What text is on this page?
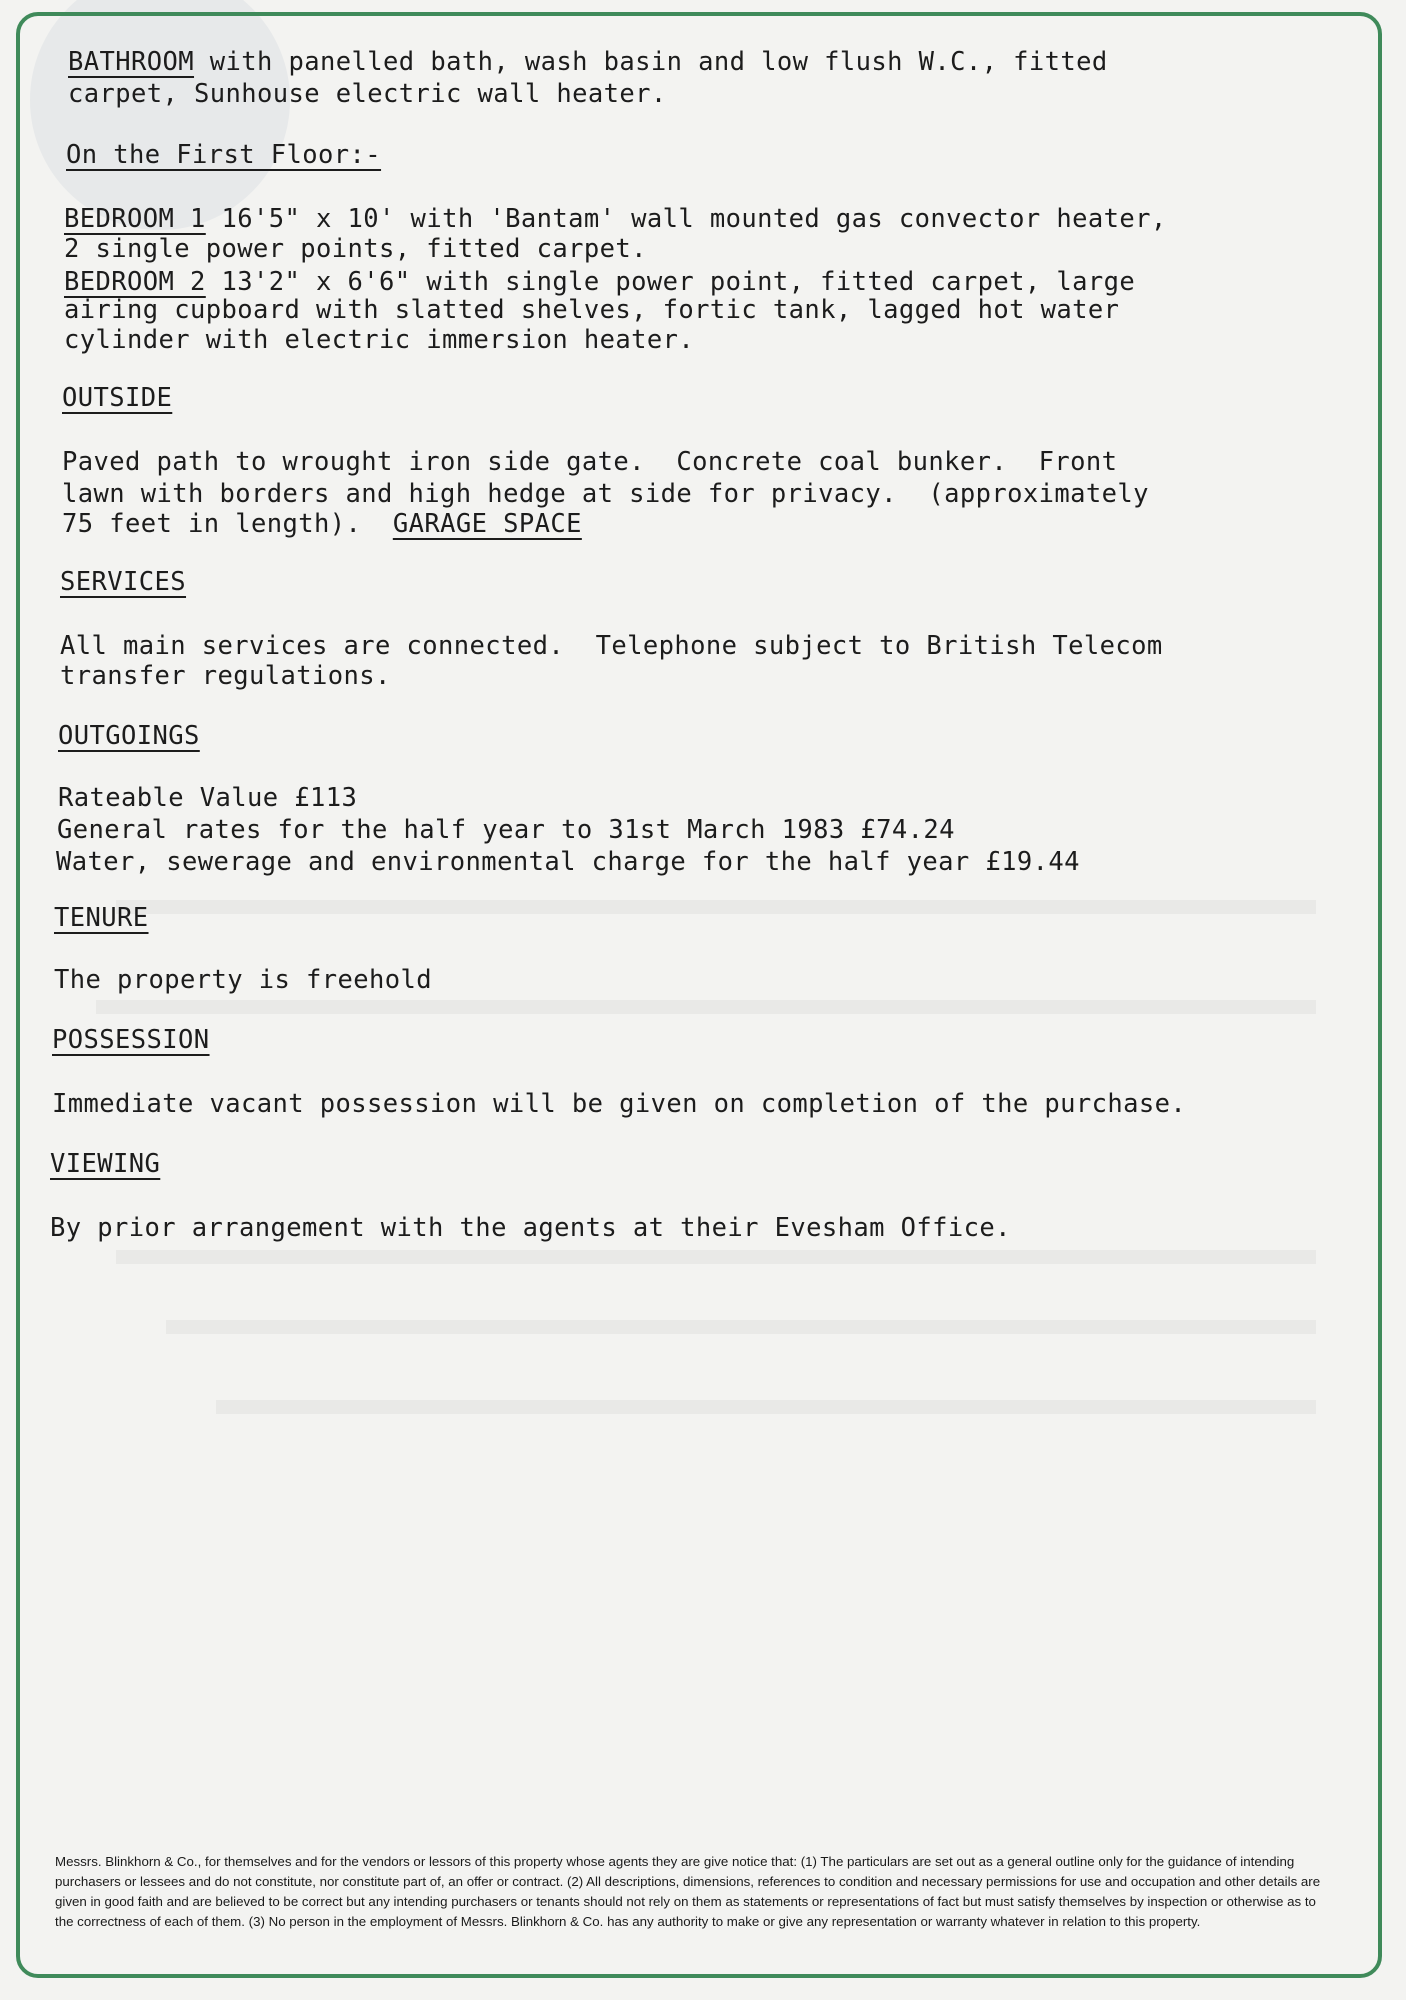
BATHROOM with panelled bath, wash basin and low flush W.C., fitted
carpet, Sunhouse electric wall heater.
On the First Floor:-
BEDROOM 1 16'5" x 10' with 'Bantam' wall mounted gas convector heater,
2 single power points, fitted carpet.
BEDROOM 2 13'2" x 6'6" with single power point, fitted carpet, large
airing cupboard with slatted shelves, fortic tank, lagged hot water
cylinder with electric immersion heater.
OUTSIDE
Paved path to wrought iron side gate.  Concrete coal bunker.  Front
lawn with borders and high hedge at side for privacy.  (approximately
75 feet in length).  GARAGE SPACE
SERVICES
All main services are connected.  Telephone subject to British Telecom
transfer regulations.
OUTGOINGS
Rateable Value £113
General rates for the half year to 31st March 1983 £74.24
Water, sewerage and environmental charge for the half year £19.44
TENURE
The property is freehold
POSSESSION
Immediate vacant possession will be given on completion of the purchase.
VIEWING
By prior arrangement with the agents at their Evesham Office.
Messrs. Blinkhorn & Co., for themselves and for the vendors or lessors of this property whose agents they are give notice that: (1) The particulars are set out as a general outline only for the guidance of intending purchasers or lessees and do not constitute, nor constitute part of, an offer or contract. (2) All descriptions, dimensions, references to condition and necessary permissions for use and occupation and other details are given in good faith and are believed to be correct but any intending purchasers or tenants should not rely on them as statements or representations of fact but must satisfy themselves by inspection or otherwise as to the correctness of each of them. (3) No person in the employment of Messrs. Blinkhorn & Co. has any authority to make or give any representation or warranty whatever in relation to this property.
